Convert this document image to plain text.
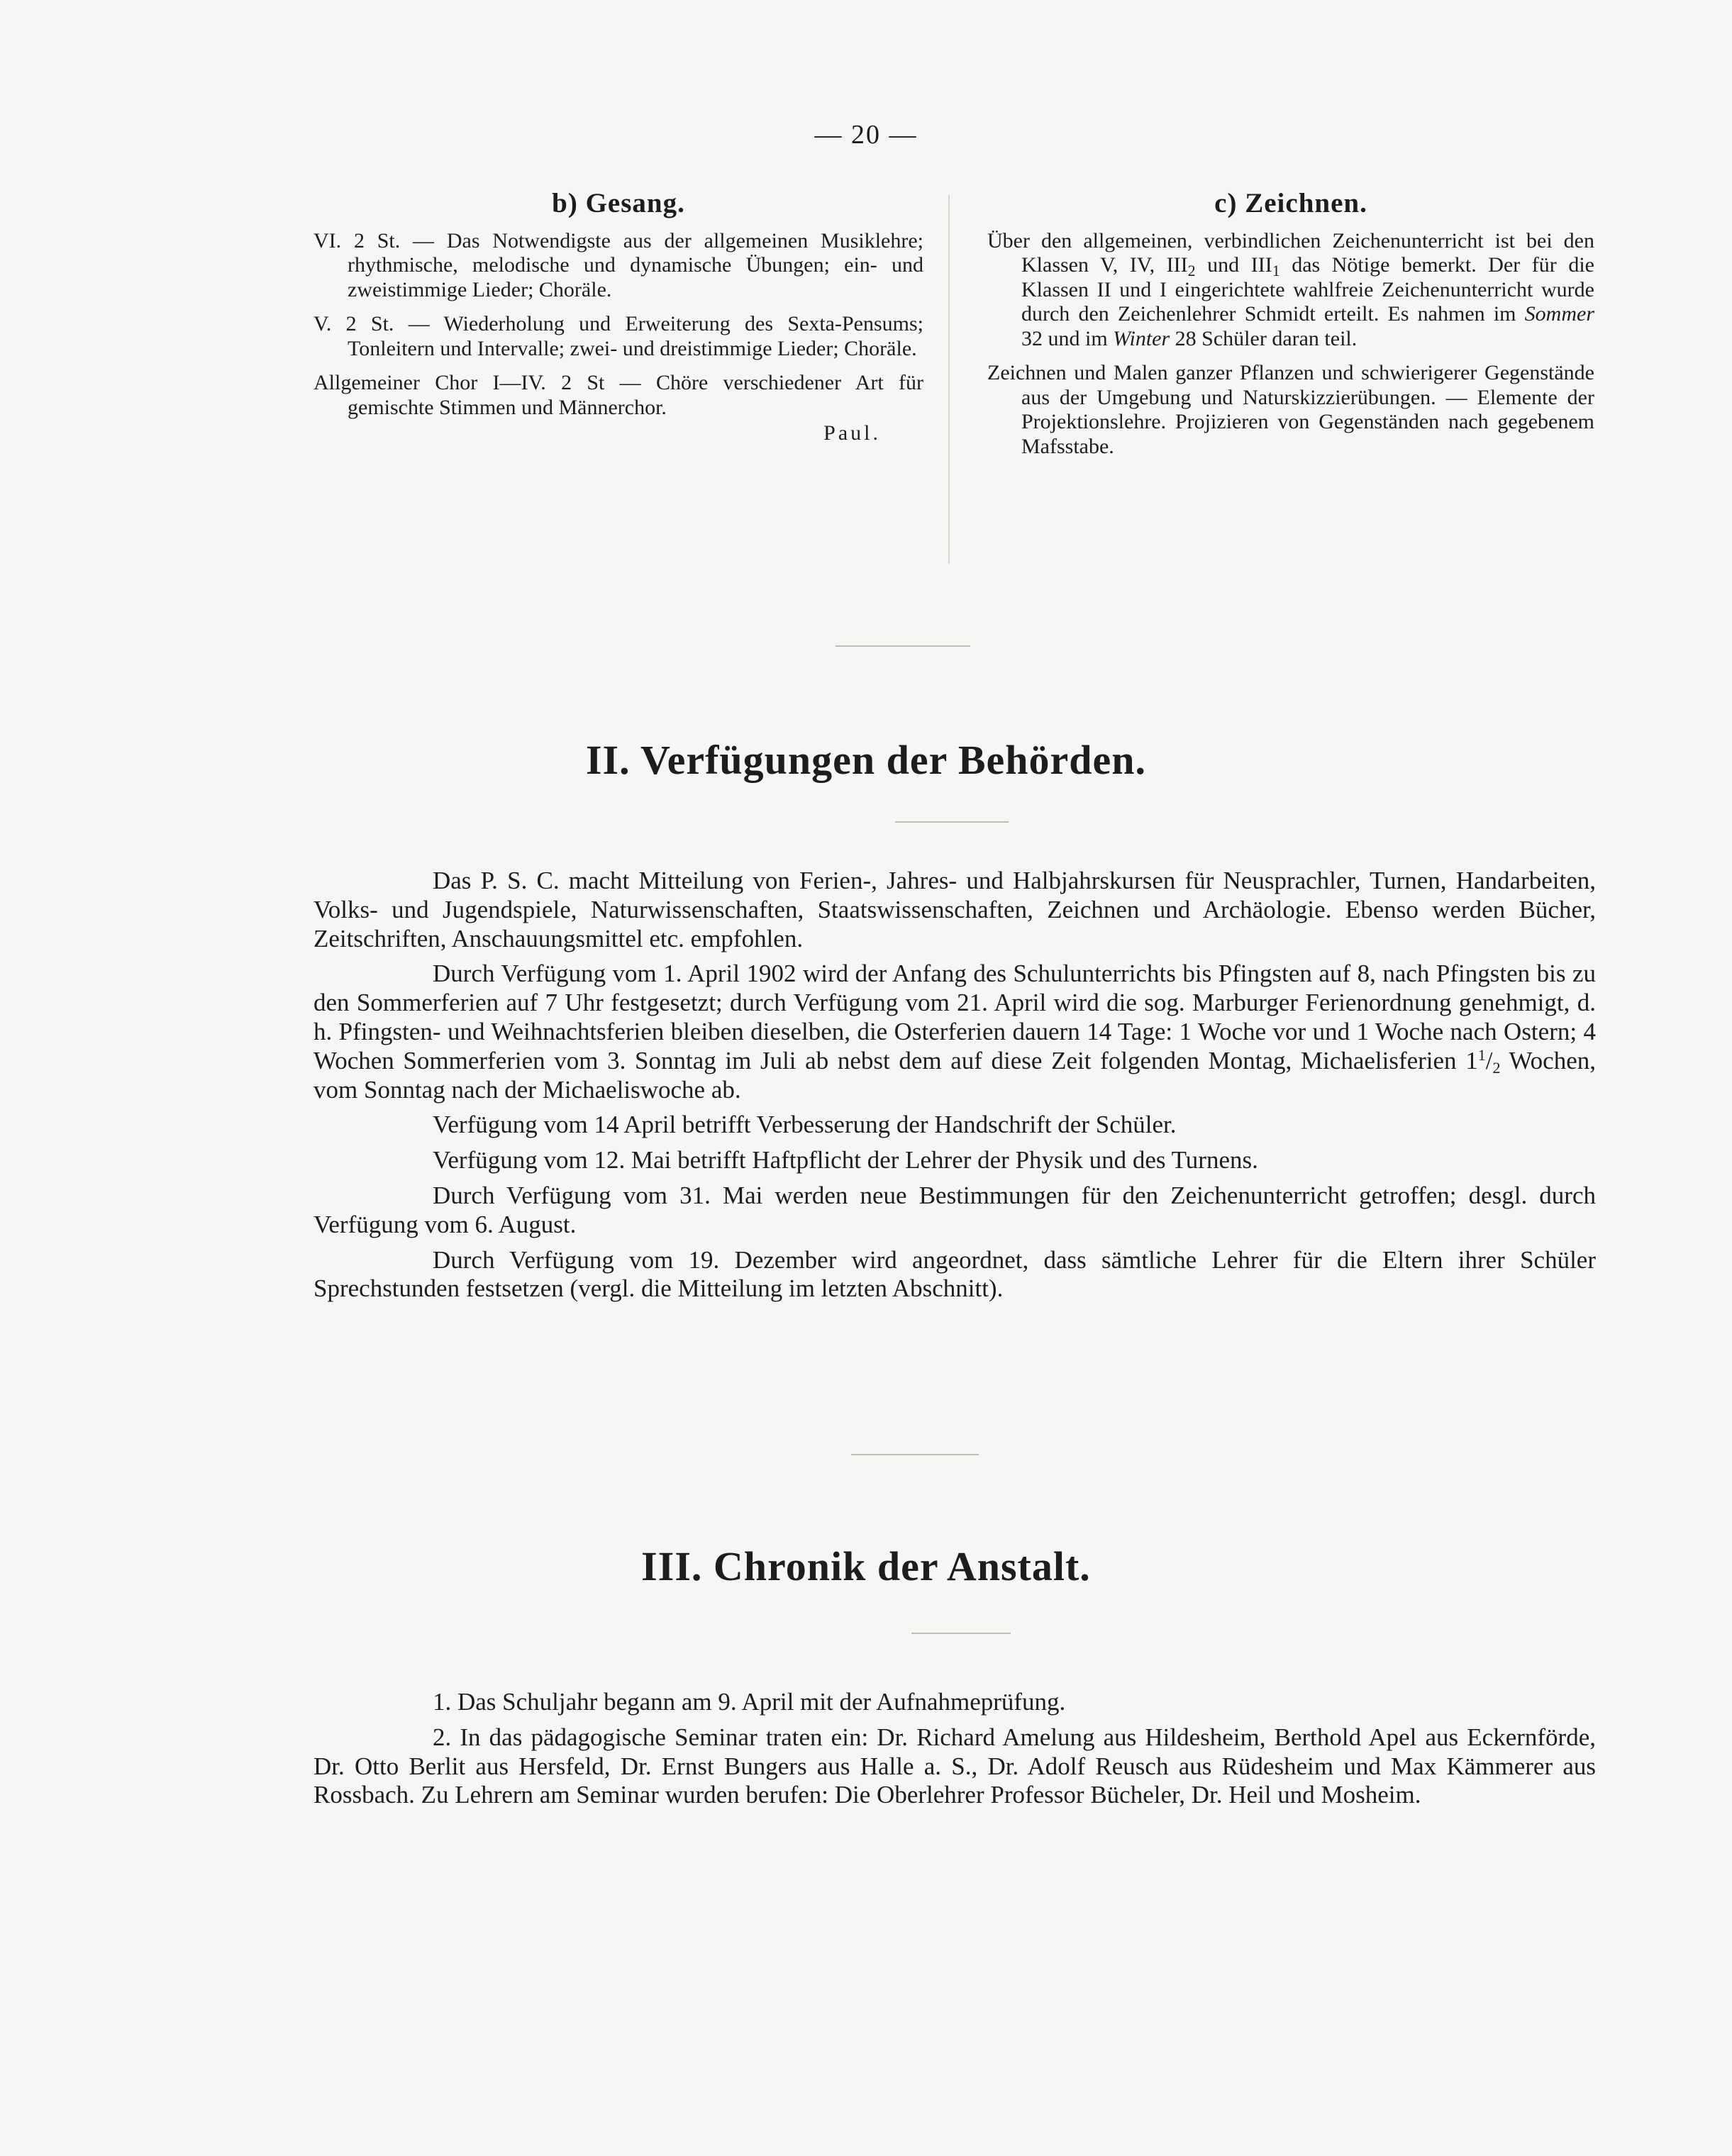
— 20 —
b) Gesang.

VI. 2 St. — Das Notwendigste aus der allgemeinen Musiklehre; rhythmische, melodische und dynamische Übungen; ein- und zweistimmige Lieder; Choräle.

V. 2 St. — Wiederholung und Erweiterung des Sexta-Pensums; Tonleitern und Intervalle; zwei- und dreistimmige Lieder; Choräle.

Allgemeiner Chor I—IV. 2 St — Chöre verschiedener Art für gemischte Stimmen und Männerchor.

Paul.

c) Zeichnen.

Über den allgemeinen, verbindlichen Zeichenunterricht ist bei den Klassen V, IV, $III_2$ und $III_1$ das Nötige bemerkt. Der für die Klassen II und I eingerichtete wahlfreie Zeichenunterricht wurde durch den Zeichenlehrer Schmidt erteilt. Es nahmen im Sommer 32 und im Winter 28 Schüler daran teil.

Zeichnen und Malen ganzer Pflanzen und schwierigerer Gegenstände aus der Umgebung und Naturskizzierübungen. — Elemente der Projektionslehre. Projizieren von Gegenständen nach gegebenem Mafsstabe.

II. Verfügungen der Behörden.

Das P. S. C. macht Mitteilung von Ferien-, Jahres- und Halbjahrskursen für Neusprachler, Turnen, Handarbeiten, Volks- und Jugendspiele, Naturwissenschaften, Staatswissenschaften, Zeichnen und Archäologie. Ebenso werden Bücher, Zeitschriften, Anschauungsmittel etc. empfohlen.

Durch Verfügung vom 1. April 1902 wird der Anfang des Schulunterrichts bis Pfingsten auf 8, nach Pfingsten bis zu den Sommerferien auf 7 Uhr festgesetzt; durch Verfügung vom 21. April wird die sog. Marburger Ferienordnung genehmigt, d. h. Pfingsten- und Weihnachtsferien bleiben dieselben, die Osterferien dauern 14 Tage: 1 Woche vor und 1 Woche nach Ostern; 4 Wochen Sommerferien vom 3. Sonntag im Juli ab nebst dem auf diese Zeit folgenden Montag, Michaelisferien $1^1/_2$ Wochen, vom Sonntag nach der Michaeliswoche ab.

Verfügung vom 14 April betrifft Verbesserung der Handschrift der Schüler.

Verfügung vom 12. Mai betrifft Haftpflicht der Lehrer der Physik und des Turnens.

Durch Verfügung vom 31. Mai werden neue Bestimmungen für den Zeichenunterricht getroffen; desgl. durch Verfügung vom 6. August.

Durch Verfügung vom 19. Dezember wird angeordnet, dass sämtliche Lehrer für die Eltern ihrer Schüler Sprechstunden festsetzen (vergl. die Mitteilung im letzten Abschnitt).

III. Chronik der Anstalt.

1. Das Schuljahr begann am 9. April mit der Aufnahmeprüfung.

2. In das pädagogische Seminar traten ein: Dr. Richard Amelung aus Hildesheim, Berthold Apel aus Eckernförde, Dr. Otto Berlit aus Hersfeld, Dr. Ernst Bungers aus Halle a. S., Dr. Adolf Reusch aus Rüdesheim und Max Kämmerer aus Rossbach. Zu Lehrern am Seminar wurden berufen: Die Oberlehrer Professor Bücheler, Dr. Heil und Mosheim.
